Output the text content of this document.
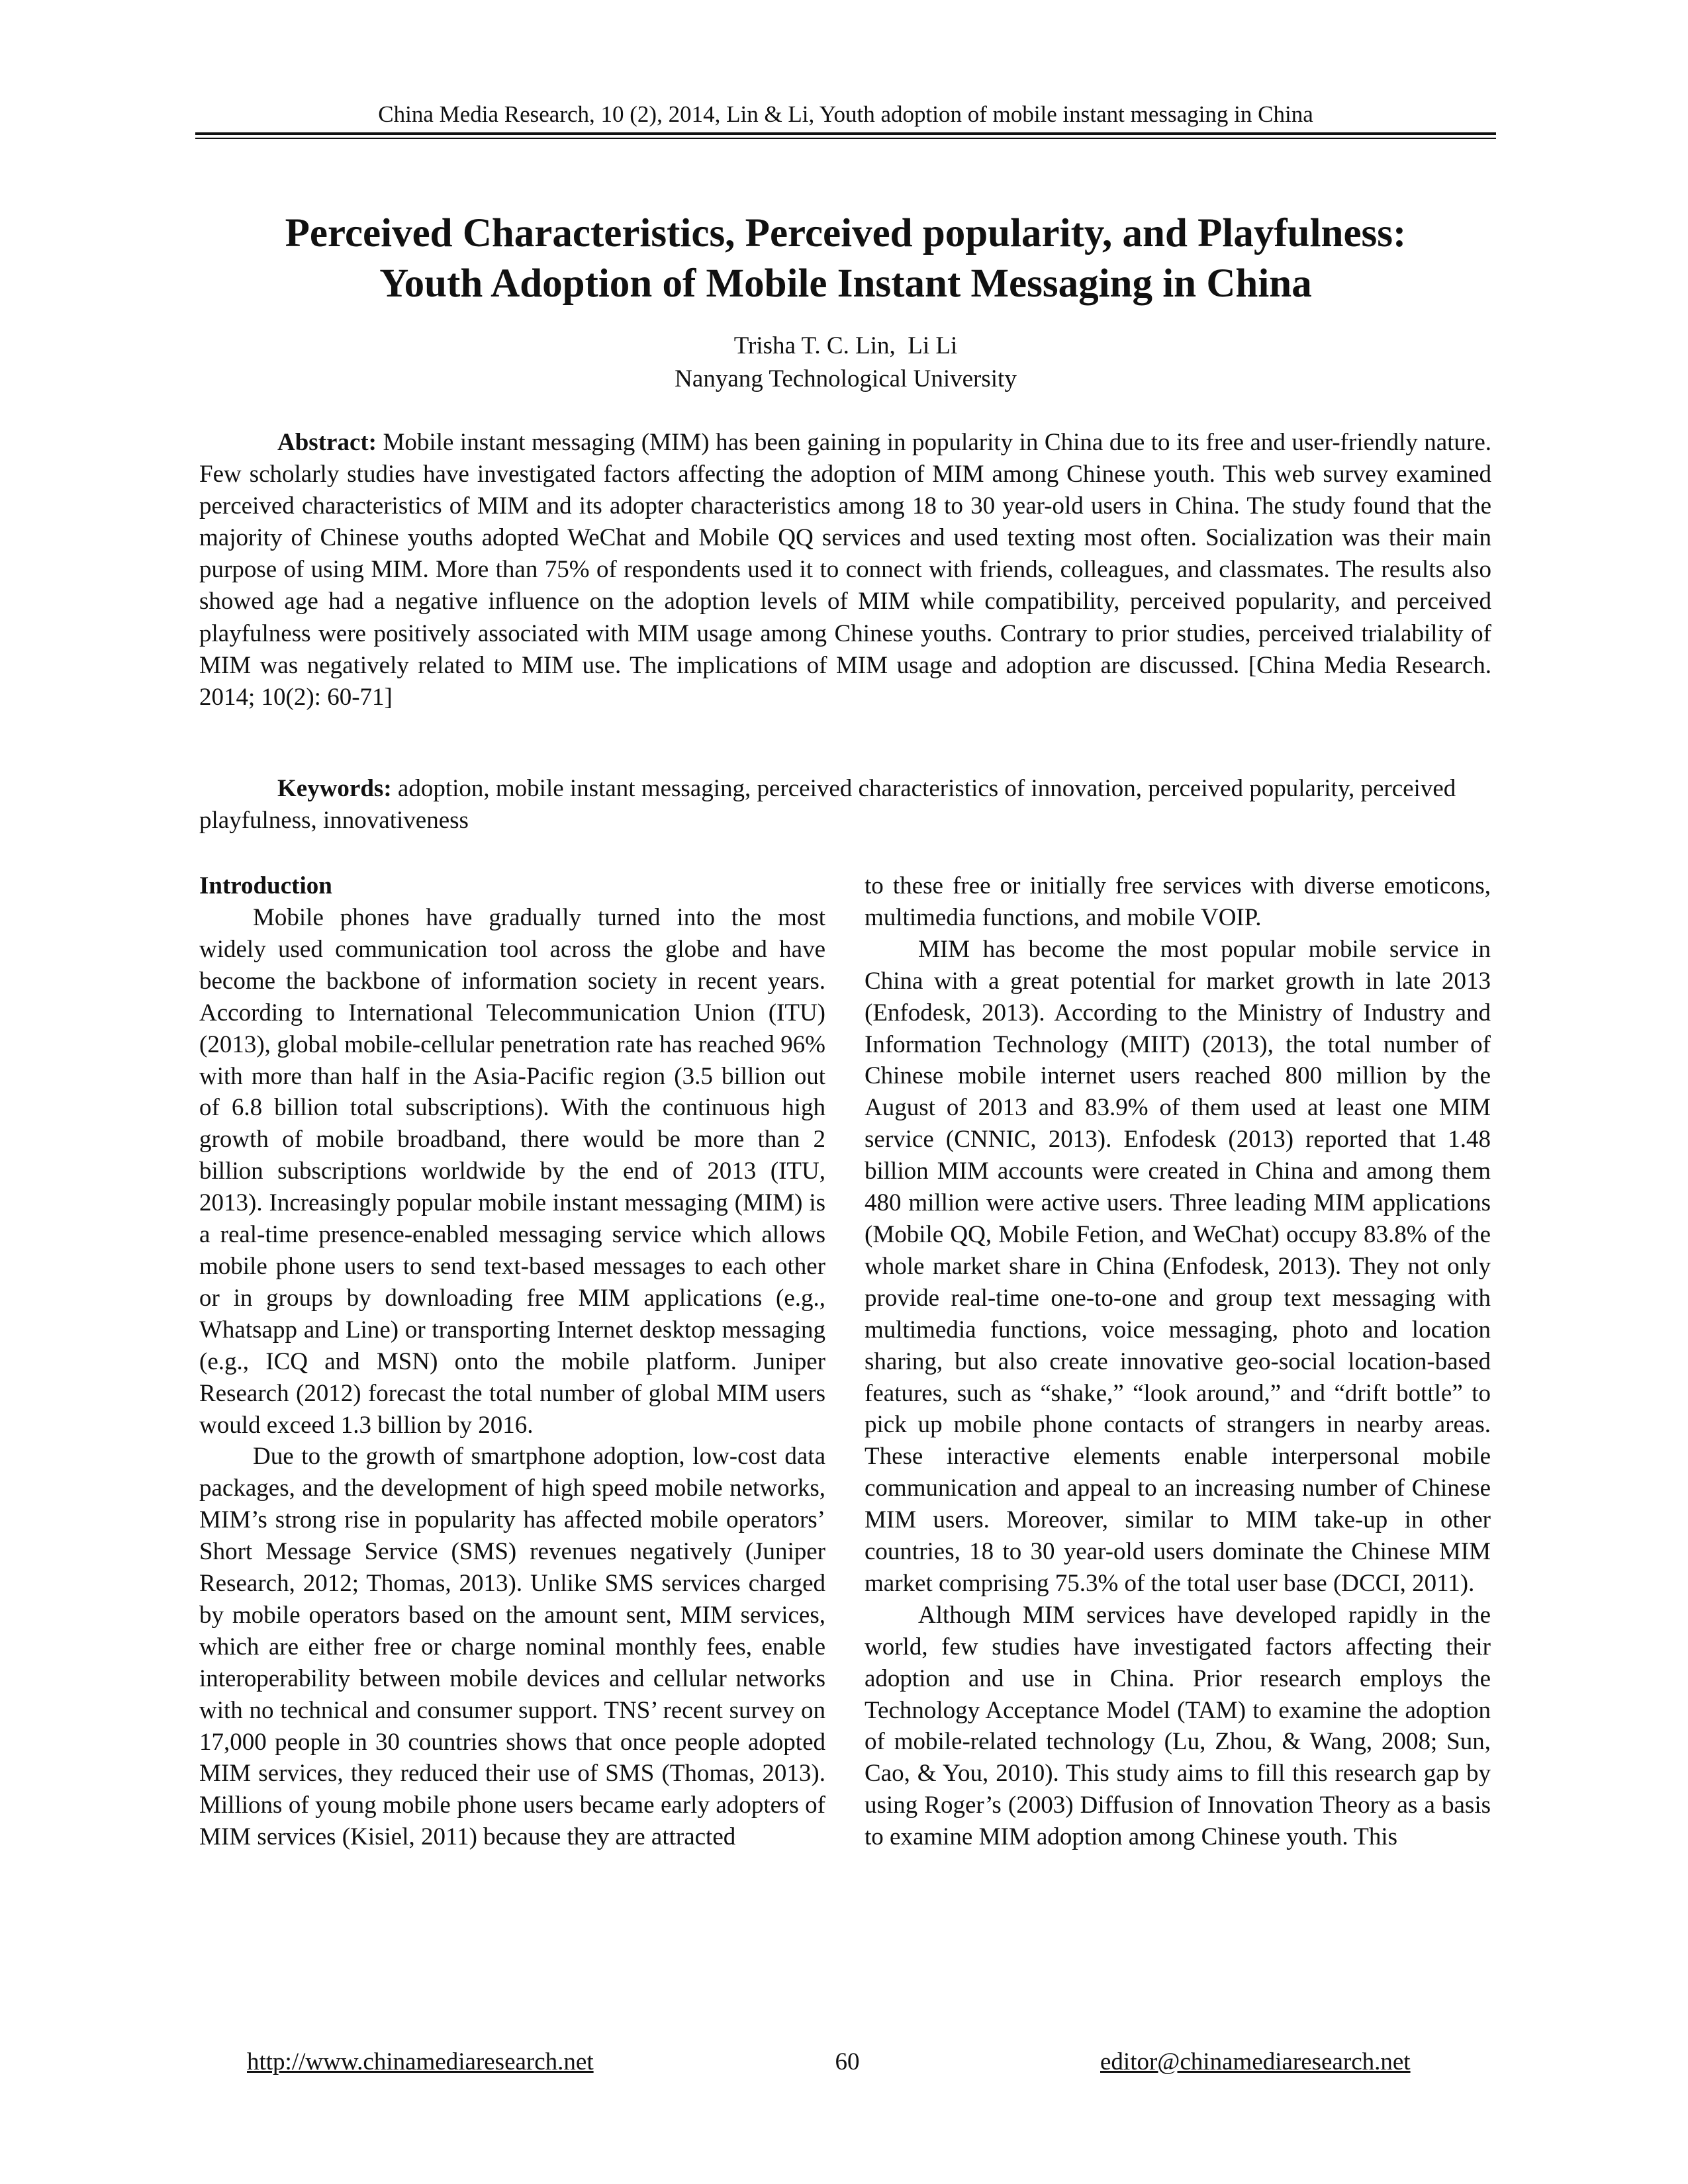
China Media Research, 10 (2), 2014, Lin & Li, Youth adoption of mobile instant messaging in China
Perceived Characteristics, Perceived popularity, and Playfulness:
Youth Adoption of Mobile Instant Messaging in China
Trisha T. C. Lin,  Li Li
Nanyang Technological University

Abstract: Mobile instant messaging (MIM) has been gaining in popularity in China due to its free and user-friendly nature. Few scholarly studies have investigated factors affecting the adoption of MIM among Chinese youth. This web survey examined perceived characteristics of MIM and its adopter characteristics among 18 to 30 year-old users in China. The study found that the majority of Chinese youths adopted WeChat and Mobile QQ services and used texting most often. Socialization was their main purpose of using MIM. More than 75% of respondents used it to connect with friends, colleagues, and classmates. The results also showed age had a negative influence on the adoption levels of MIM while compatibility, perceived popularity, and perceived playfulness were positively associated with MIM usage among Chinese youths. Contrary to prior studies, perceived trialability of MIM was negatively related to MIM use. The implications of MIM usage and adoption are discussed. [China Media Research. 2014; 10(2): 60-71]

Keywords: adoption, mobile instant messaging, perceived characteristics of innovation, perceived popularity, perceived playfulness, innovativeness

Introduction

Mobile phones have gradually turned into the most widely used communication tool across the globe and have become the backbone of information society in recent years. According to International Telecommunication Union (ITU) (2013), global mobile-cellular penetration rate has reached 96% with more than half in the Asia-Pacific region (3.5 billion out of 6.8 billion total subscriptions). With the continuous high growth of mobile broadband, there would be more than 2 billion subscriptions worldwide by the end of 2013 (ITU, 2013). Increasingly popular mobile instant messaging (MIM) is a real-time presence-enabled messaging service which allows mobile phone users to send text-based messages to each other or in groups by downloading free MIM applications (e.g., Whatsapp and Line) or transporting Internet desktop messaging (e.g., ICQ and MSN) onto the mobile platform. Juniper Research (2012) forecast the total number of global MIM users would exceed 1.3 billion by 2016.

Due to the growth of smartphone adoption, low-cost data packages, and the development of high speed mobile networks, MIM’s strong rise in popularity has affected mobile operators’ Short Message Service (SMS) revenues negatively (Juniper Research, 2012; Thomas, 2013). Unlike SMS services charged by mobile operators based on the amount sent, MIM services, which are either free or charge nominal monthly fees, enable interoperability between mobile devices and cellular networks with no technical and consumer support. TNS’ recent survey on 17,000 people in 30 countries shows that once people adopted MIM services, they reduced their use of SMS (Thomas, 2013). Millions of young mobile phone users became early adopters of MIM services (Kisiel, 2011) because they are attracted

to these free or initially free services with diverse emoticons, multimedia functions, and mobile VOIP.

MIM has become the most popular mobile service in China with a great potential for market growth in late 2013 (Enfodesk, 2013). According to the Ministry of Industry and Information Technology (MIIT) (2013), the total number of Chinese mobile internet users reached 800 million by the August of 2013 and 83.9% of them used at least one MIM service (CNNIC, 2013). Enfodesk (2013) reported that 1.48 billion MIM accounts were created in China and among them 480 million were active users. Three leading MIM applications (Mobile QQ, Mobile Fetion, and WeChat) occupy 83.8% of the whole market share in China (Enfodesk, 2013). They not only provide real-time one-to-one and group text messaging with multimedia functions, voice messaging, photo and location sharing, but also create innovative geo-social location-based features, such as “shake,” “look around,” and “drift bottle” to pick up mobile phone contacts of strangers in nearby areas. These interactive elements enable interpersonal mobile communication and appeal to an increasing number of Chinese MIM users. Moreover, similar to MIM take-up in other countries, 18 to 30 year-old users dominate the Chinese MIM market comprising 75.3% of the total user base (DCCI, 2011).

Although MIM services have developed rapidly in the world, few studies have investigated factors affecting their adoption and use in China. Prior research employs the Technology Acceptance Model (TAM) to examine the adoption of mobile-related technology (Lu, Zhou, & Wang, 2008; Sun, Cao, & You, 2010). This study aims to fill this research gap by using Roger’s (2003) Diffusion of Innovation Theory as a basis to examine MIM adoption among Chinese youth. This

http://www.chinamediaresearch.net	60	editor@chinamediaresearch.net
